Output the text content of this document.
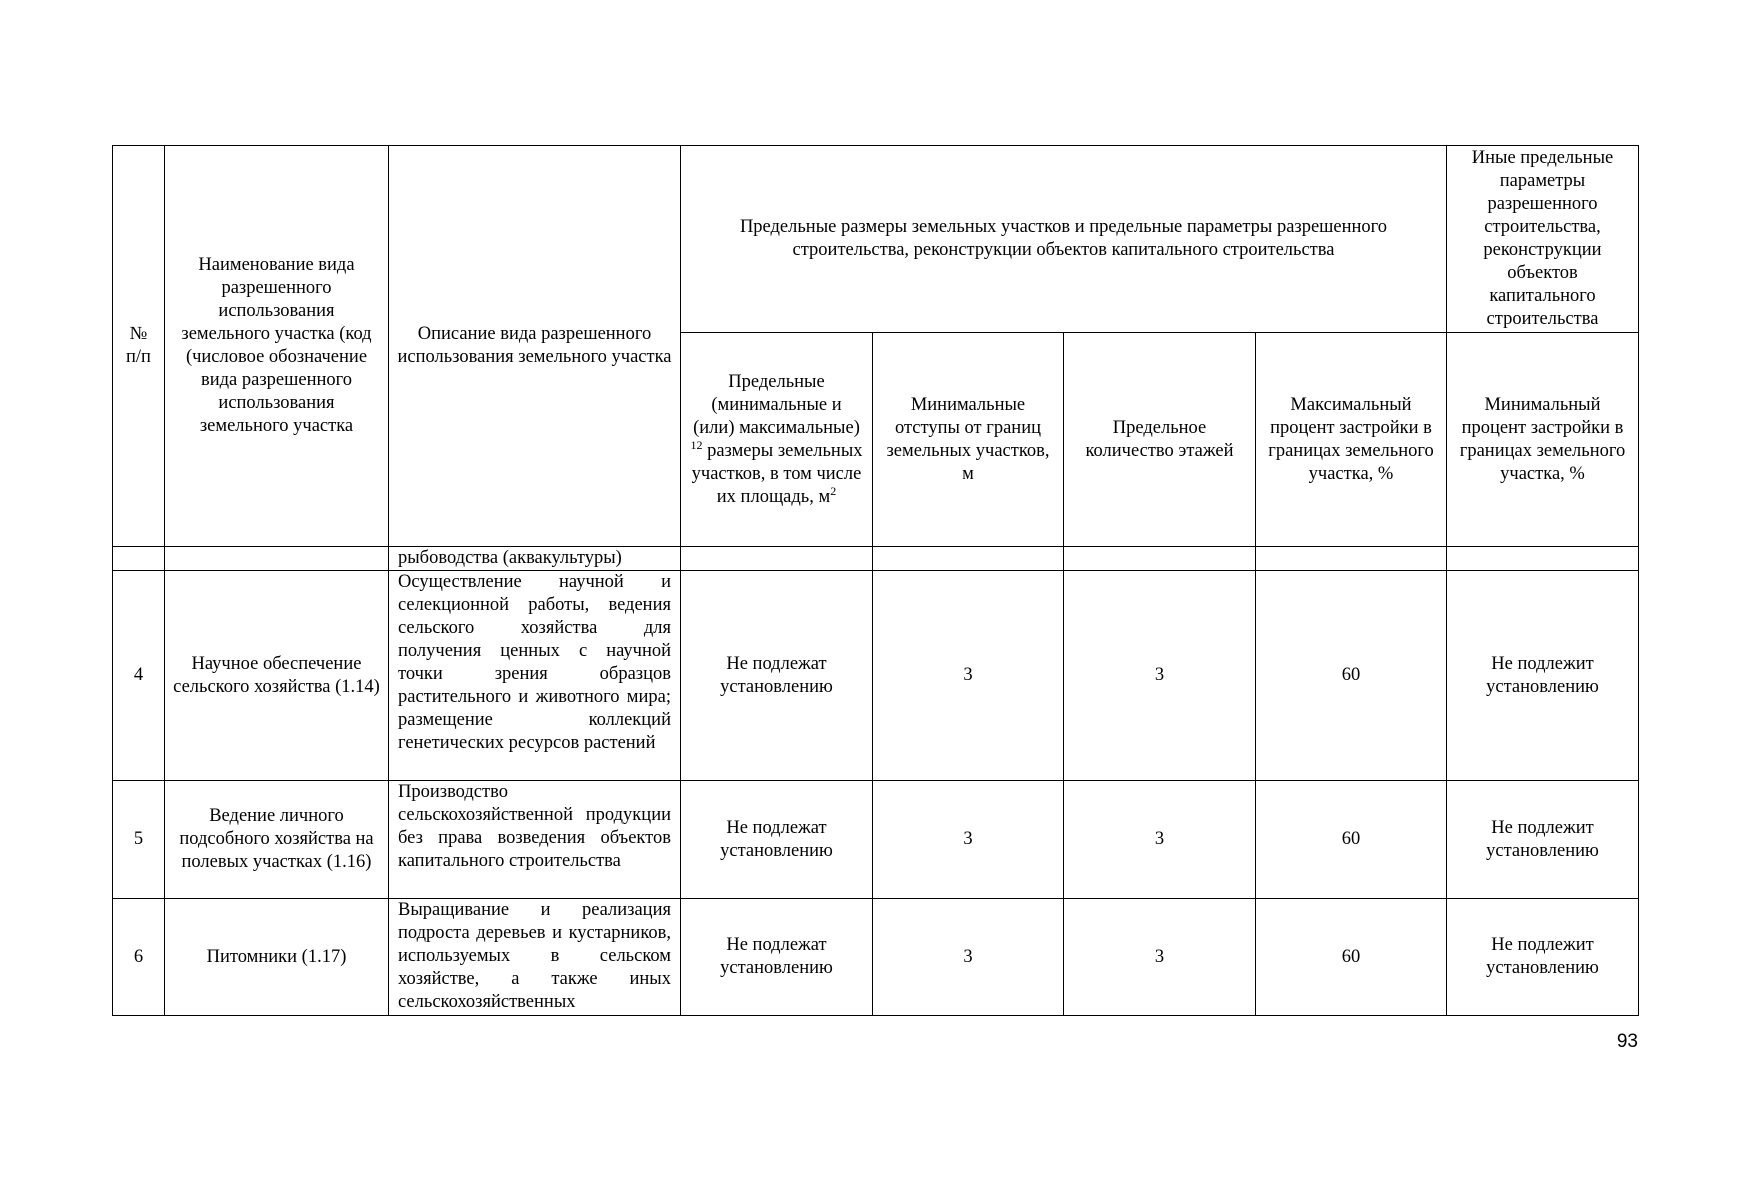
№ п/п	Наименование вида разрешенного использования земельного участка (код (числовое обозначение вида разрешенного использования земельного участка	Описание вида разрешенного использования земельного участка	Предельные размеры земельных участков и предельные параметры разрешенного строительства, реконструкции объектов капитального строительства				Иные предельные параметры разрешенного строительства, реконструкции объектов капитального строительства
			Предельные (минимальные и (или) максимальные) $^{12}$ размеры земельных участков, в том числе их площадь, $м^2$	Минимальные отступы от границ земельных участков, м	Предельное количество этажей	Максимальный процент застройки в границах земельного участка, %	Минимальный процент застройки в границах земельного участка, %
		рыбоводства (аквакультуры)					
4	Научное обеспечение сельского хозяйства (1.14)	Осуществление научной и селекционной работы, ведения сельского хозяйства для получения ценных с научной точки зрения образцов растительного и животного мира; размещение коллекций генетических ресурсов растений	Не подлежат установлению	3	3	60	Не подлежит установлению
5	Ведение личного подсобного хозяйства на полевых участках (1.16)	Производство сельскохозяйственной продукции без права возведения объектов капитального строительства	Не подлежат установлению	3	3	60	Не подлежит установлению
6	Питомники (1.17)	Выращивание и реализация подроста деревьев и кустарников, используемых в сельском хозяйстве, а также иных сельскохозяйственных	Не подлежат установлению	3	3	60	Не подлежит установлению
93
